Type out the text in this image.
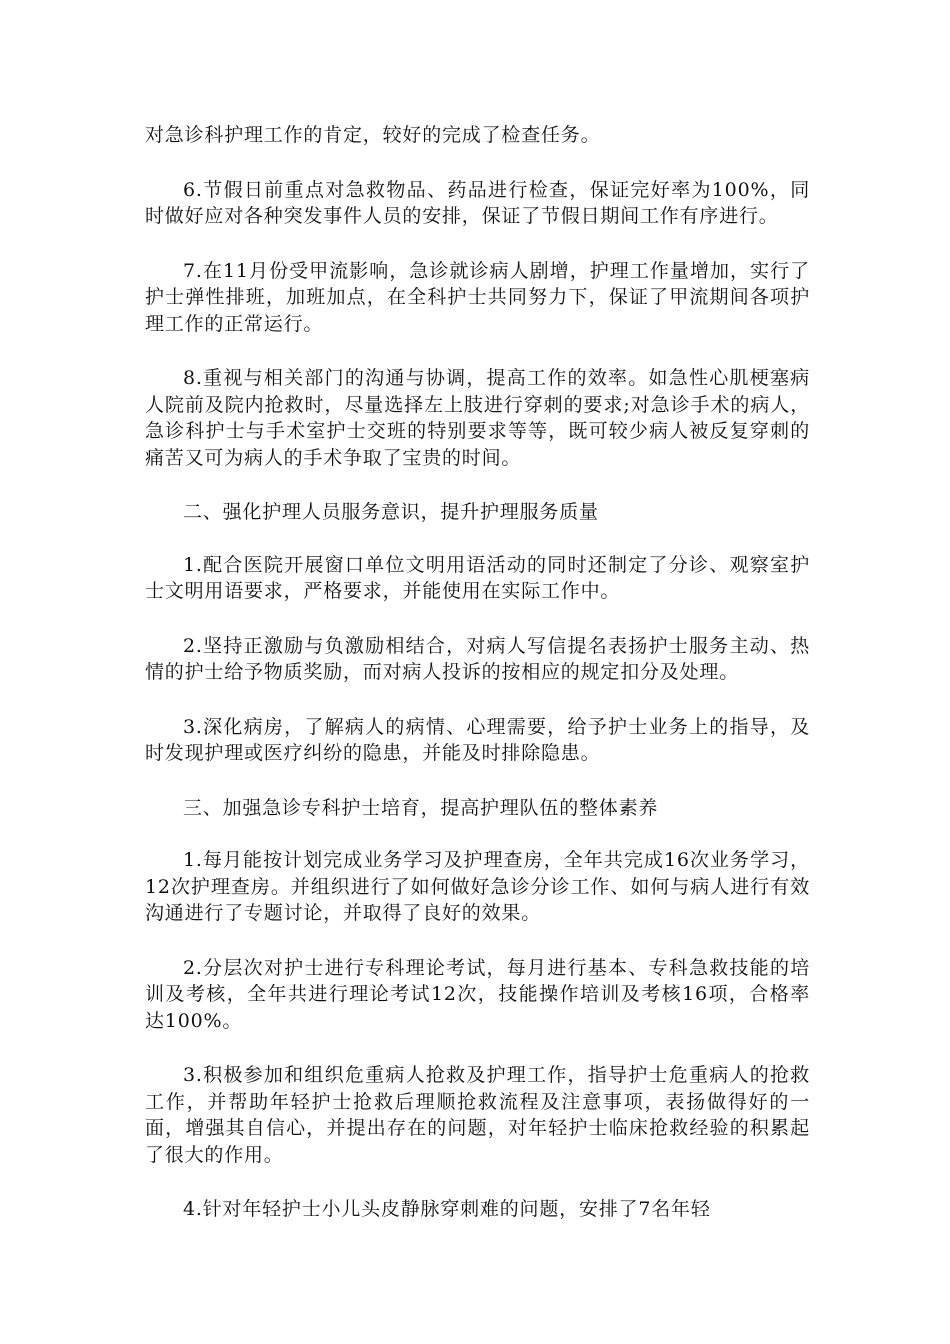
对急诊科护理工作的肯定，较好的完成了检查任务。

6.节假日前重点对急救物品、药品进行检查，保证完好率为100%，同时做好应对各种突发事件人员的安排，保证了节假日期间工作有序进行。

7.在11月份受甲流影响，急诊就诊病人剧增，护理工作量增加，实行了护士弹性排班，加班加点，在全科护士共同努力下，保证了甲流期间各项护理工作的正常运行。

8.重视与相关部门的沟通与协调，提高工作的效率。如急性心肌梗塞病人院前及院内抢救时，尽量选择左上肢进行穿刺的要求;对急诊手术的病人，急诊科护士与手术室护士交班的特别要求等等，既可较少病人被反复穿刺的痛苦又可为病人的手术争取了宝贵的时间。

二、强化护理人员服务意识，提升护理服务质量

1.配合医院开展窗口单位文明用语活动的同时还制定了分诊、观察室护士文明用语要求，严格要求，并能使用在实际工作中。

2.坚持正激励与负激励相结合，对病人写信提名表扬护士服务主动、热情的护士给予物质奖励，而对病人投诉的按相应的规定扣分及处理。

3.深化病房，了解病人的病情、心理需要，给予护士业务上的指导，及时发现护理或医疗纠纷的隐患，并能及时排除隐患。

三、加强急诊专科护士培育，提高护理队伍的整体素养

1.每月能按计划完成业务学习及护理查房，全年共完成16次业务学习，12次护理查房。并组织进行了如何做好急诊分诊工作、如何与病人进行有效沟通进行了专题讨论，并取得了良好的效果。

2.分层次对护士进行专科理论考试，每月进行基本、专科急救技能的培训及考核，全年共进行理论考试12次，技能操作培训及考核16项，合格率达100%。

3.积极参加和组织危重病人抢救及护理工作，指导护士危重病人的抢救工作，并帮助年轻护士抢救后理顺抢救流程及注意事项，表扬做得好的一面，增强其自信心，并提出存在的问题，对年轻护士临床抢救经验的积累起了很大的作用。

4.针对年轻护士小儿头皮静脉穿刺难的问题，安排了7名年轻
